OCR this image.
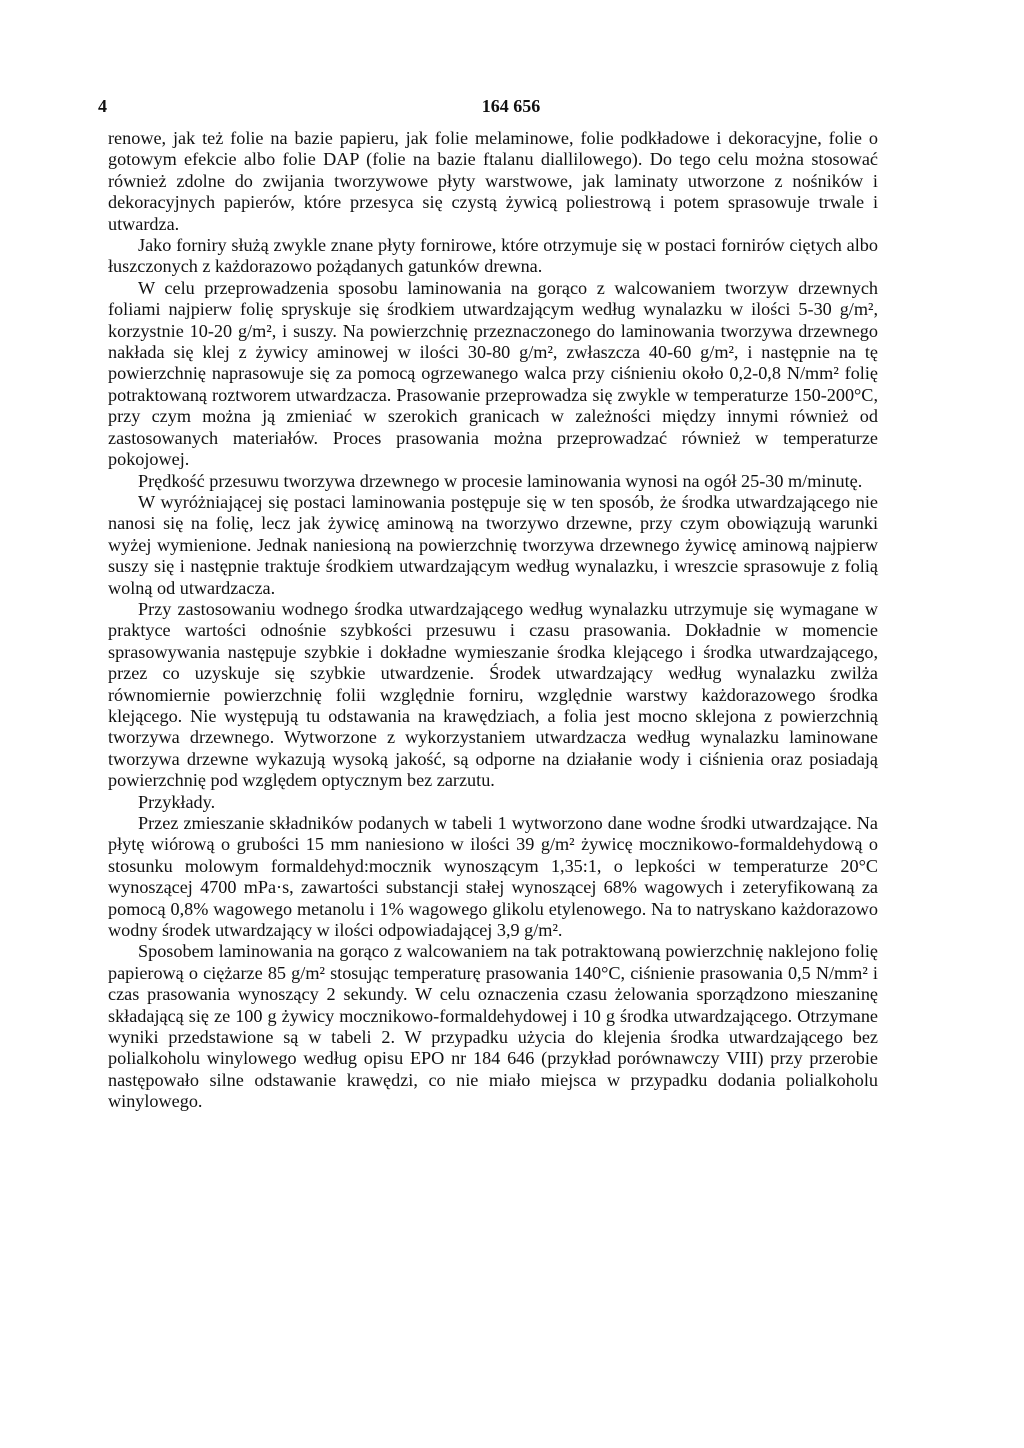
4	164 656

renowe, jak też folie na bazie papieru, jak folie melaminowe, folie podkładowe i dekoracyjne, folie o gotowym efekcie albo folie DAP (folie na bazie ftalanu diallilowego). Do tego celu można stosować również zdolne do zwijania tworzywowe płyty warstwowe, jak laminaty utworzone z nośników i dekoracyjnych papierów, które przesyca się czystą żywicą poliestrową i potem sprasowuje trwale i utwardza.

Jako forniry służą zwykle znane płyty fornirowe, które otrzymuje się w postaci fornirów ciętych albo łuszczonych z każdorazowo pożądanych gatunków drewna.

W celu przeprowadzenia sposobu laminowania na gorąco z walcowaniem tworzyw drzewnych foliami najpierw folię spryskuje się środkiem utwardzającym według wynalazku w ilości 5-30 g/m², korzystnie 10-20 g/m², i suszy. Na powierzchnię przeznaczonego do laminowania tworzywa drzewnego nakłada się klej z żywicy aminowej w ilości 30-80 g/m², zwłaszcza 40-60 g/m², i następnie na tę powierzchnię naprasowuje się za pomocą ogrzewanego walca przy ciśnieniu około 0,2-0,8 N/mm² folię potraktowaną roztworem utwardzacza. Prasowanie przeprowadza się zwykle w temperaturze 150-200°C, przy czym można ją zmieniać w szerokich granicach w zależności między innymi również od zastosowanych materiałów. Proces prasowania można przeprowadzać również w temperaturze pokojowej.

Prędkość przesuwu tworzywa drzewnego w procesie laminowania wynosi na ogół 25-30 m/minutę.

W wyróżniającej się postaci laminowania postępuje się w ten sposób, że środka utwardzającego nie nanosi się na folię, lecz jak żywicę aminową na tworzywo drzewne, przy czym obowiązują warunki wyżej wymienione. Jednak naniesioną na powierzchnię tworzywa drzewnego żywicę aminową najpierw suszy się i następnie traktuje środkiem utwardzającym według wynalazku, i wreszcie sprasowuje z folią wolną od utwardzacza.

Przy zastosowaniu wodnego środka utwardzającego według wynalazku utrzymuje się wymagane w praktyce wartości odnośnie szybkości przesuwu i czasu prasowania. Dokładnie w momencie sprasowywania następuje szybkie i dokładne wymieszanie środka klejącego i środka utwardzającego, przez co uzyskuje się szybkie utwardzenie. Środek utwardzający według wynalazku zwilża równomiernie powierzchnię folii względnie forniru, względnie warstwy każdorazowego środka klejącego. Nie występują tu odstawania na krawędziach, a folia jest mocno sklejona z powierzchnią tworzywa drzewnego. Wytworzone z wykorzystaniem utwardzacza według wynalazku laminowane tworzywa drzewne wykazują wysoką jakość, są odporne na działanie wody i ciśnienia oraz posiadają powierzchnię pod względem optycznym bez zarzutu.

Przykłady.

Przez zmieszanie składników podanych w tabeli 1 wytworzono dane wodne środki utwardzające. Na płytę wiórową o grubości 15 mm naniesiono w ilości 39 g/m² żywicę mocznikowo-formaldehydową o stosunku molowym formaldehyd:mocznik wynoszącym 1,35:1, o lepkości w temperaturze 20°C wynoszącej 4700 mPa·s, zawartości substancji stałej wynoszącej 68% wagowych i zeteryfikowaną za pomocą 0,8% wagowego metanolu i 1% wagowego glikolu etylenowego. Na to natryskano każdorazowo wodny środek utwardzający w ilości odpowiadającej 3,9 g/m².

Sposobem laminowania na gorąco z walcowaniem na tak potraktowaną powierzchnię naklejono folię papierową o ciężarze 85 g/m² stosując temperaturę prasowania 140°C, ciśnienie prasowania 0,5 N/mm² i czas prasowania wynoszący 2 sekundy. W celu oznaczenia czasu żelowania sporządzono mieszaninę składającą się ze 100 g żywicy mocznikowo-formaldehydowej i 10 g środka utwardzającego. Otrzymane wyniki przedstawione są w tabeli 2. W przypadku użycia do klejenia środka utwardzającego bez polialkoholu winylowego według opisu EPO nr 184 646 (przykład porównawczy VIII) przy przerobie następowało silne odstawanie krawędzi, co nie miało miejsca w przypadku dodania polialkoholu winylowego.
